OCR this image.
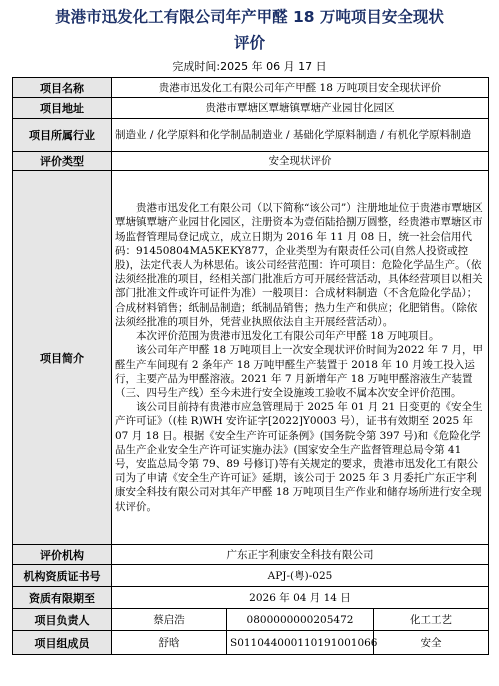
贵港市迅发化工有限公司年产甲醛 18 万吨项目安全现状
评价
完成时间:2025 年 06 月 17 日
项目名称	贵港市迅发化工有限公司年产甲醛 18 万吨项目安全现状评价		
项目地址	贵港市覃塘区覃塘镇覃塘产业园甘化园区		
项目所属行业	制造业 / 化学原料和化学制品制造业 / 基础化学原料制造 / 有机化学原料制造		
评价类型	安全现状评价		
项目简介	贵港市迅发化工有限公司（以下简称“该公司”）注册地址位于贵港市覃塘区覃塘镇覃塘产业园甘化园区，注册资本为壹佰陆拾捌万圆整，经贵港市覃塘区市场监督管理局登记成立，成立日期为 2016 年 11 月 08 日，统一社会信用代码：91450804MA5KEKY877，企业类型为有限责任公司(自然人投资或控股)，法定代表人为林思佑。该公司经营范围：许可项目：危险化学品生产。（依法须经批准的项目，经相关部门批准后方可开展经营活动，具体经营项目以相关部门批准文件或许可证件为准）一般项目：合成材料制造（不含危险化学品）；合成材料销售；纸制品制造；纸制品销售；热力生产和供应；化肥销售。（除依法须经批准的项目外，凭营业执照依法自主开展经营活动）。

本次评价范围为贵港市迅发化工有限公司年产甲醛 18 万吨项目。

该公司年产甲醛 18 万吨项目上一次安全现状评价时间为2022 年 7 月，甲醛生产车间现有 2 条年产 18 万吨甲醛生产装置于 2018 年 10 月竣工投入运行，主要产品为甲醛溶液。2021 年 7 月新增年产 18 万吨甲醛溶液生产装置（三、四号生产线）至今未进行安全设施竣工验收不属本次安全评价范围。

该公司目前持有贵港市应急管理局于 2025 年 01 月 21 日变更的《安全生产许可证》（(桂 R)WH 安许证字[2022]Y0003 号），证书有效期至 2025 年 07 月 18 日。根据《安全生产许可证条例》(国务院令第 397 号)和《危险化学品生产企业安全生产许可证实施办法》(国家安全生产监督管理总局令第 41 号，安监总局令第 79、89 号修订)等有关规定的要求，贵港市迅发化工有限公司为了申请《安全生产许可证》延期，该公司于 2025 年 3 月委托广东正宇利康安全科技有限公司对其年产甲醛 18 万吨项目生产作业和储存场所进行安全现状评价。		

评价机构	广东正宇利康安全科技有限公司		
机构资质证书号	APJ-(粤)-025		
资质有限期至	2026 年 04 月 14 日		
项目负责人	蔡启浩	0800000000205472	化工工艺
项目组成员	舒晗	S011044000110191001066	安全
